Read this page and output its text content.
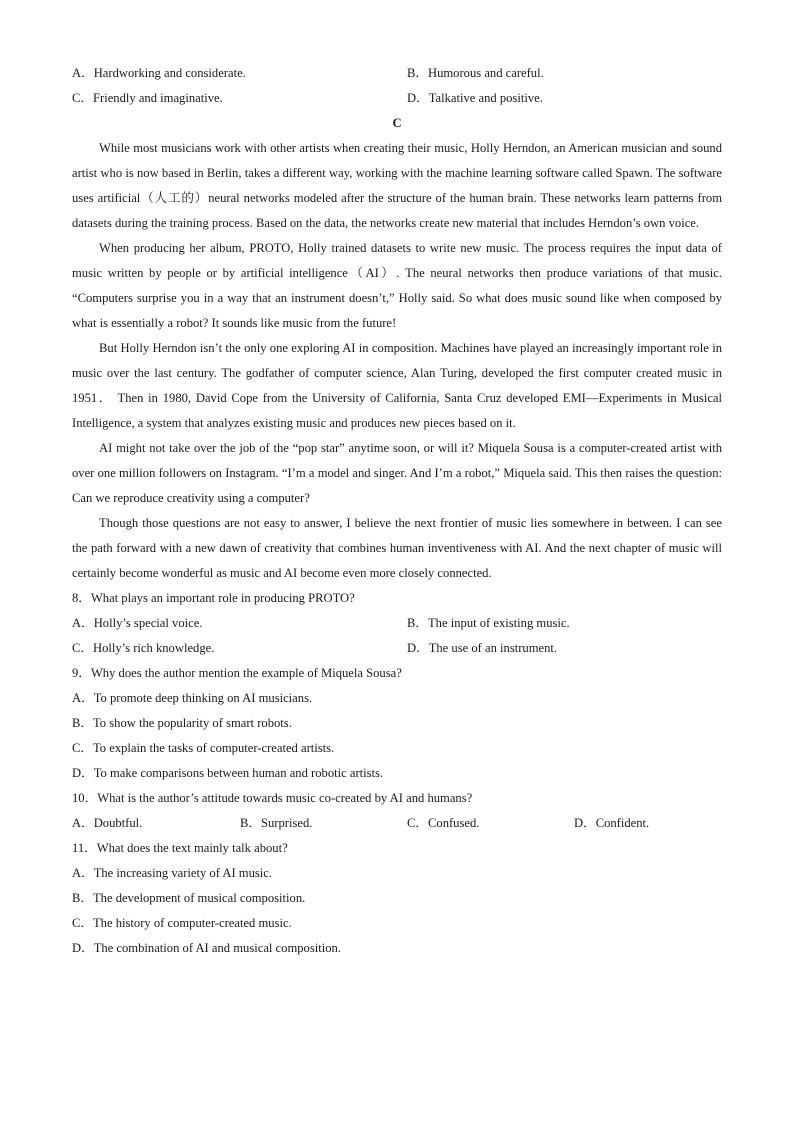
A．Hardworking and considerate.	B．Humorous and careful.
C．Friendly and imaginative.	D．Talkative and positive.
C

While most musicians work with other artists when creating their music, Holly Herndon, an American musician and sound artist who is now based in Berlin, takes a different way, working with the machine learning software called Spawn. The software uses artificial（人工的）neural networks modeled after the structure of the human brain. These networks learn patterns from datasets during the training process. Based on the data, the networks create new material that includes Herndon’s own voice.

When producing her album, PROTO, Holly trained datasets to write new music. The process requires the input data of music written by people or by artificial intelligence（AI）. The neural networks then produce variations of that music. “Computers surprise you in a way that an instrument doesn’t,” Holly said. So what does music sound like when composed by what is essentially a robot? It sounds like music from the future!

But Holly Herndon isn’t the only one exploring AI in composition. Machines have played an increasingly important role in music over the last century. The godfather of computer science, Alan Turing, developed the first computer created music in 1951． Then in 1980, David Cope from the University of California, Santa Cruz developed EMI—Experiments in Musical Intelligence, a system that analyzes existing music and produces new pieces based on it.

AI might not take over the job of the “pop star” anytime soon, or will it? Miquela Sousa is a computer-created artist with over one million followers on Instagram. “I’m a model and singer. And I’m a robot,” Miquela said. This then raises the question: Can we reproduce creativity using a computer?

Though those questions are not easy to answer, I believe the next frontier of music lies somewhere in between. I can see the path forward with a new dawn of creativity that combines human inventiveness with AI. And the next chapter of music will certainly become wonderful as music and AI become even more closely connected.

8．What plays an important role in producing PROTO?
A．Holly’s special voice.	B．The input of existing music.
C．Holly’s rich knowledge.	D．The use of an instrument.
9．Why does the author mention the example of Miquela Sousa?
A．To promote deep thinking on AI musicians.
B．To show the popularity of smart robots.
C．To explain the tasks of computer-created artists.
D．To make comparisons between human and robotic artists.
10．What is the author’s attitude towards music co-created by AI and humans?
A．Doubtful.	B．Surprised.	C．Confused.	D．Confident.
11．What does the text mainly talk about?
A．The increasing variety of AI music.
B．The development of musical composition.
C．The history of computer-created music.
D．The combination of AI and musical composition.
